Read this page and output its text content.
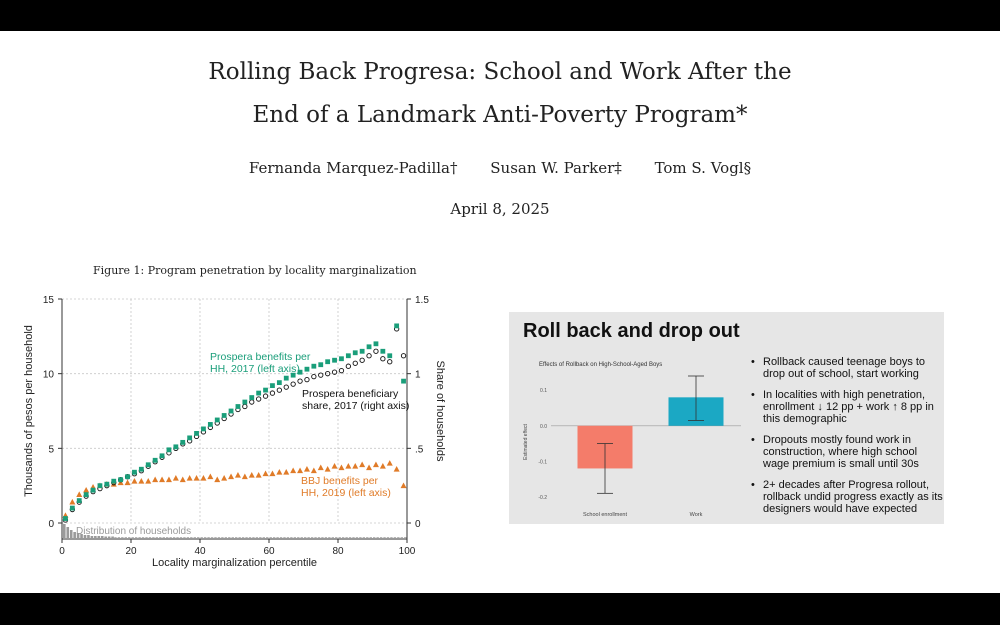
Rolling Back Progresa: School and Work After the
End of a Landmark Anti-Poverty Program*
Fernanda Marquez-Padilla† Susan W. Parker‡ Tom S. Vogl§
April 8, 2025
Figure 1: Program penetration by locality marginalization
Distribution of households
0	20	40	60	80	100
0
5
10
15
0
.5
1
1.5
Locality marginalization percentile
Thousands of pesos per household	Share of households
Prospera benefits per
HH, 2017 (left axis)
Prospera beneficiary
share, 2017 (right axis)
BBJ benefits per
HH, 2019 (left axis)
Roll back and drop out
Effects of Rollback on High-School-Aged Boys
Estimated effect
-0.2
-0.1
0.0
0.1
School enrollment	Work
• Rollback caused teenage boys to drop out of school, start working
• In localities with high penetration, enrollment ↓ 12 pp + work ↑ 8 pp in this demographic
• Dropouts mostly found work in construction, where high school wage premium is small until 30s
• 2+ decades after Progresa rollout, rollback undid progress exactly as its designers would have expected
